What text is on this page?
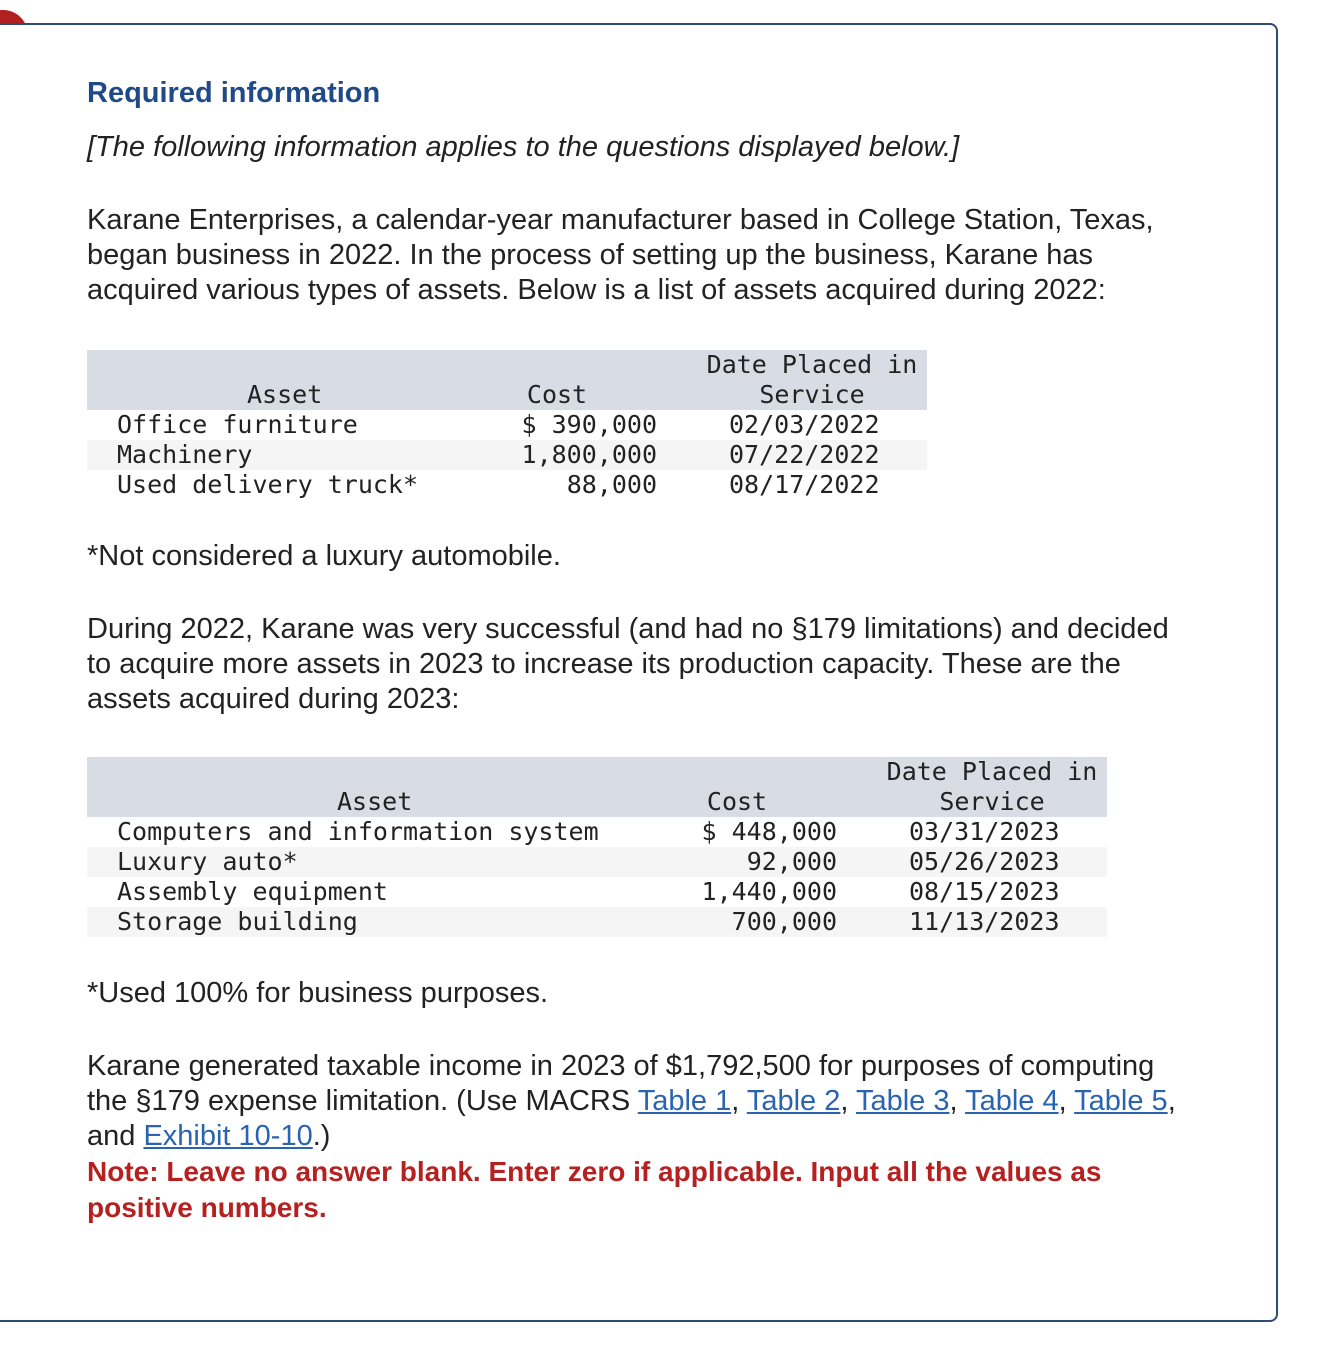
Required information

[The following information applies to the questions displayed below.]

Karane Enterprises, a calendar-year manufacturer based in College Station, Texas, began business in 2022. In the process of setting up the business, Karane has acquired various types of assets. Below is a list of assets acquired during 2022:

	Asset	Cost		Date Placed in
Service
	Office furniture	$ 390,000		02/03/2022
	Machinery	1,800,000		07/22/2022
	Used delivery truck*	88,000		08/17/2022

*Not considered a luxury automobile.

During 2022, Karane was very successful (and had no §179 limitations) and decided to acquire more assets in 2023 to increase its production capacity. These are the assets acquired during 2023:

	Asset	Cost		Date Placed in
Service
	Computers and information system	$ 448,000		03/31/2023
	Luxury auto*	92,000		05/26/2023
	Assembly equipment	1,440,000		08/15/2023
	Storage building	700,000		11/13/2023

*Used 100% for business purposes.

Karane generated taxable income in 2023 of $1,792,500 for purposes of computing the §179 expense limitation. (Use MACRS Table 1, Table 2, Table 3, Table 4, Table 5, and Exhibit 10-10.)

Note: Leave no answer blank. Enter zero if applicable. Input all the values as positive numbers.
